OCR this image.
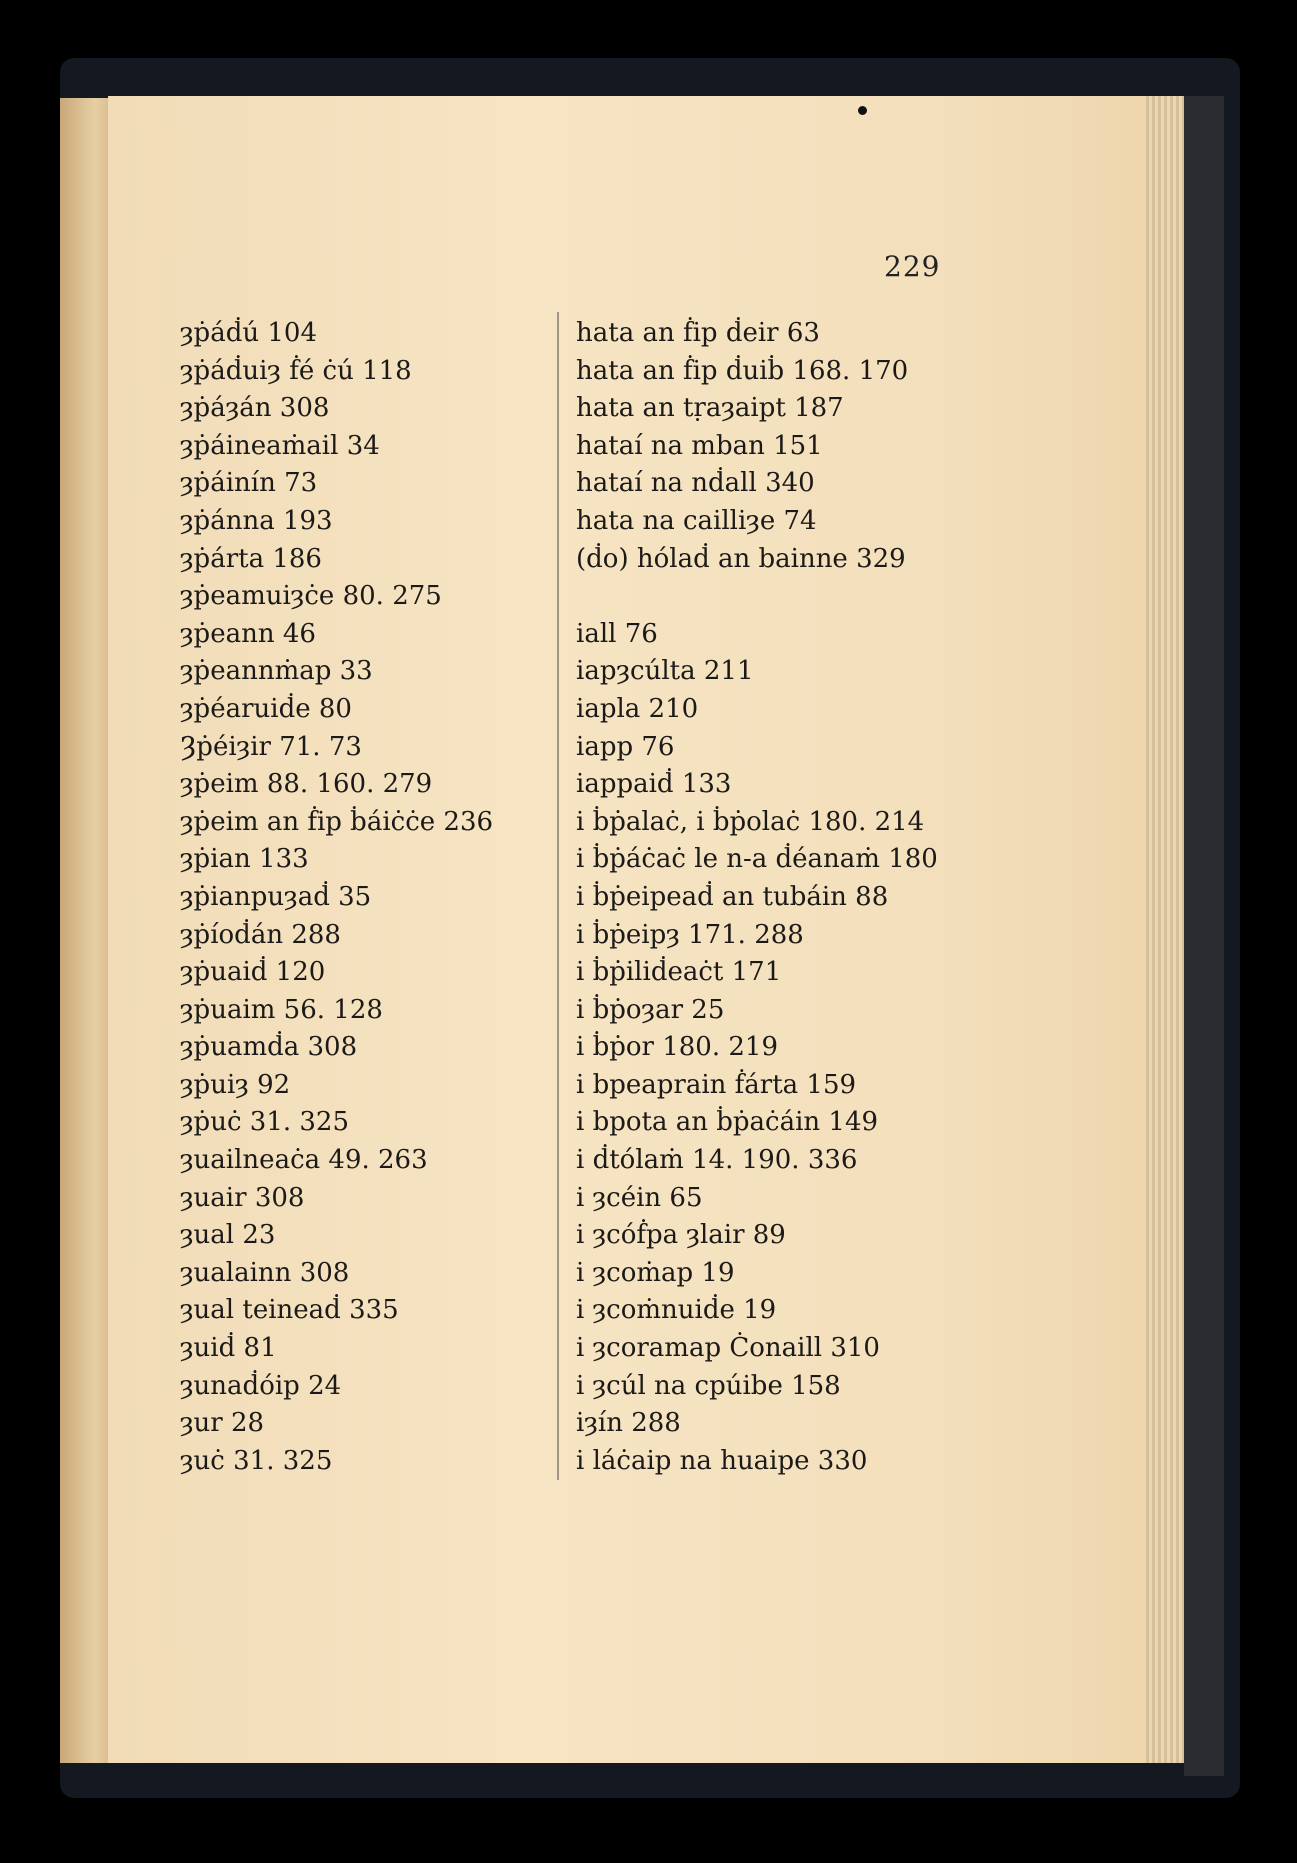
229
ȝṗáḋú 104
ȝṗáḋuiȝ ḟé ċú 118
ȝṗáȝán 308
ȝṗáineaṁail 34
ȝṗáinín 73
ȝṗánna 193
ȝṗárta 186
ȝṗeamuiȝċe 80. 275
ȝṗeann 46
ȝṗeannṁap 33
ȝṗéaruiḋe 80
Ȝṗéiȝir 71. 73
ȝṗeim 88. 160. 279
ȝṗeim an ḟip ḃáiċċe 236
ȝṗian 133
ȝṗianpuȝaḋ 35
ȝṗíoḋán 288
ȝṗuaiḋ 120
ȝṗuaim 56. 128
ȝṗuamḋa 308
ȝṗuiȝ 92
ȝṗuċ 31. 325
ȝuailneaċa 49. 263
ȝuair 308
ȝual 23
ȝualainn 308
ȝual teineaḋ 335
ȝuiḋ 81
ȝunaḋóip 24
ȝur 28
ȝuċ 31. 325
hata an ḟip ḋeir 63
hata an ḟip ḋuiḃ 168. 170
hata an tṛaȝaipt 187
hataí na mban 151
hataí na nḋall 340
hata na cailliȝe 74
(ḋo) hólaḋ an bainne 329
iall 76
iapȝcúlta 211
iapla 210
iapp 76
iappaiḋ 133
i ḃṗalaċ, i ḃṗolaċ 180. 214
i ḃṗáċaċ le n-a ḋéanaṁ 180
i ḃṗeipeaḋ an tubáin 88
i ḃṗeipȝ 171. 288
i ḃṗiliḋeaċt 171
i ḃṗoȝar 25
i ḃṗor 180. 219
i bpeaprain ḟárta 159
i bpota an ḃṗaċáin 149
i ḋtólaṁ 14. 190. 336
i ȝcéin 65
i ȝcóḟpa ȝlair 89
i ȝcoṁap 19
i ȝcoṁnuiḋe 19
i ȝcoramap Ċonaill 310
i ȝcúl na cpúibe 158
iȝín 288
i láċaip na huaipe 330
